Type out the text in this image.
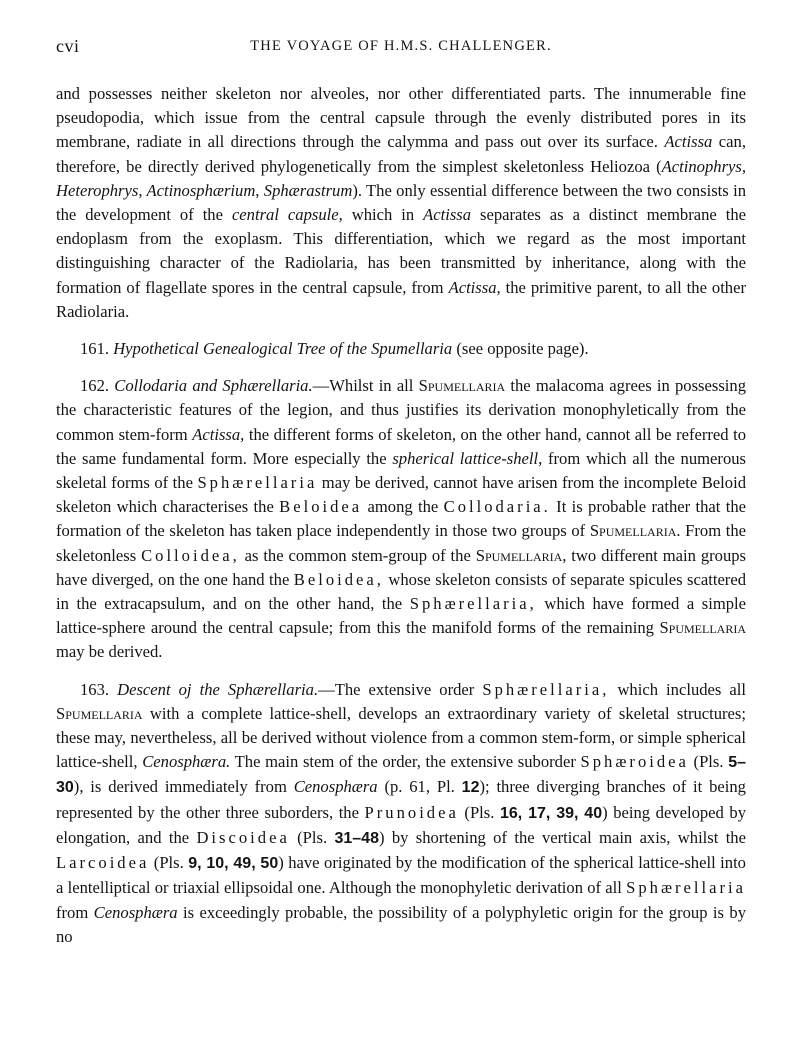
cvi	THE VOYAGE OF H.M.S. CHALLENGER.

and possesses neither skeleton nor alveoles, nor other differentiated parts. The innumerable fine pseudopodia, which issue from the central capsule through the evenly distributed pores in its membrane, radiate in all directions through the calymma and pass out over its surface. Actissa can, therefore, be directly derived phylogenetically from the simplest skeletonless Heliozoa (Actinophrys, Heterophrys, Actinosphærium, Sphærastrum). The only essential difference between the two consists in the development of the central capsule, which in Actissa separates as a distinct membrane the endoplasm from the exoplasm. This differentiation, which we regard as the most important distinguishing character of the Radiolaria, has been transmitted by inheritance, along with the formation of flagellate spores in the central capsule, from Actissa, the primitive parent, to all the other Radiolaria.

161. Hypothetical Genealogical Tree of the Spumellaria (see opposite page).

162. Collodaria and Sphærellaria.—Whilst in all Spumellaria the malacoma agrees in possessing the characteristic features of the legion, and thus justifies its derivation monophyletically from the common stem-form Actissa, the different forms of skeleton, on the other hand, cannot all be referred to the same fundamental form. More especially the spherical lattice-shell, from which all the numerous skeletal forms of the Sphærellaria may be derived, cannot have arisen from the incomplete Beloid skeleton which characterises the Beloidea among the Collodaria. It is probable rather that the formation of the skeleton has taken place independently in those two groups of Spumellaria. From the skeletonless Colloidea, as the common stem-group of the Spumellaria, two different main groups have diverged, on the one hand the Beloidea, whose skeleton consists of separate spicules scattered in the extracapsulum, and on the other hand, the Sphærellaria, which have formed a simple lattice-sphere around the central capsule; from this the manifold forms of the remaining Spumellaria may be derived.

163. Descent oj the Sphærellaria.—The extensive order Sphærellaria, which includes all Spumellaria with a complete lattice-shell, develops an extraordinary variety of skeletal structures; these may, nevertheless, all be derived without violence from a common stem-form, or simple spherical lattice-shell, Cenosphæra. The main stem of the order, the extensive suborder Sphæroidea (Pls. 5–30), is derived immediately from Cenosphæra (p. 61, Pl. 12); three diverging branches of it being represented by the other three suborders, the Prunoidea (Pls. 16, 17, 39, 40) being developed by elongation, and the Discoidea (Pls. 31–48) by shortening of the vertical main axis, whilst the Larcoidea (Pls. 9, 10, 49, 50) have originated by the modification of the spherical lattice-shell into a lentelliptical or triaxial ellipsoidal one. Although the monophyletic derivation of all Sphærellaria from Cenosphæra is exceedingly probable, the possibility of a polyphyletic origin for the group is by no
